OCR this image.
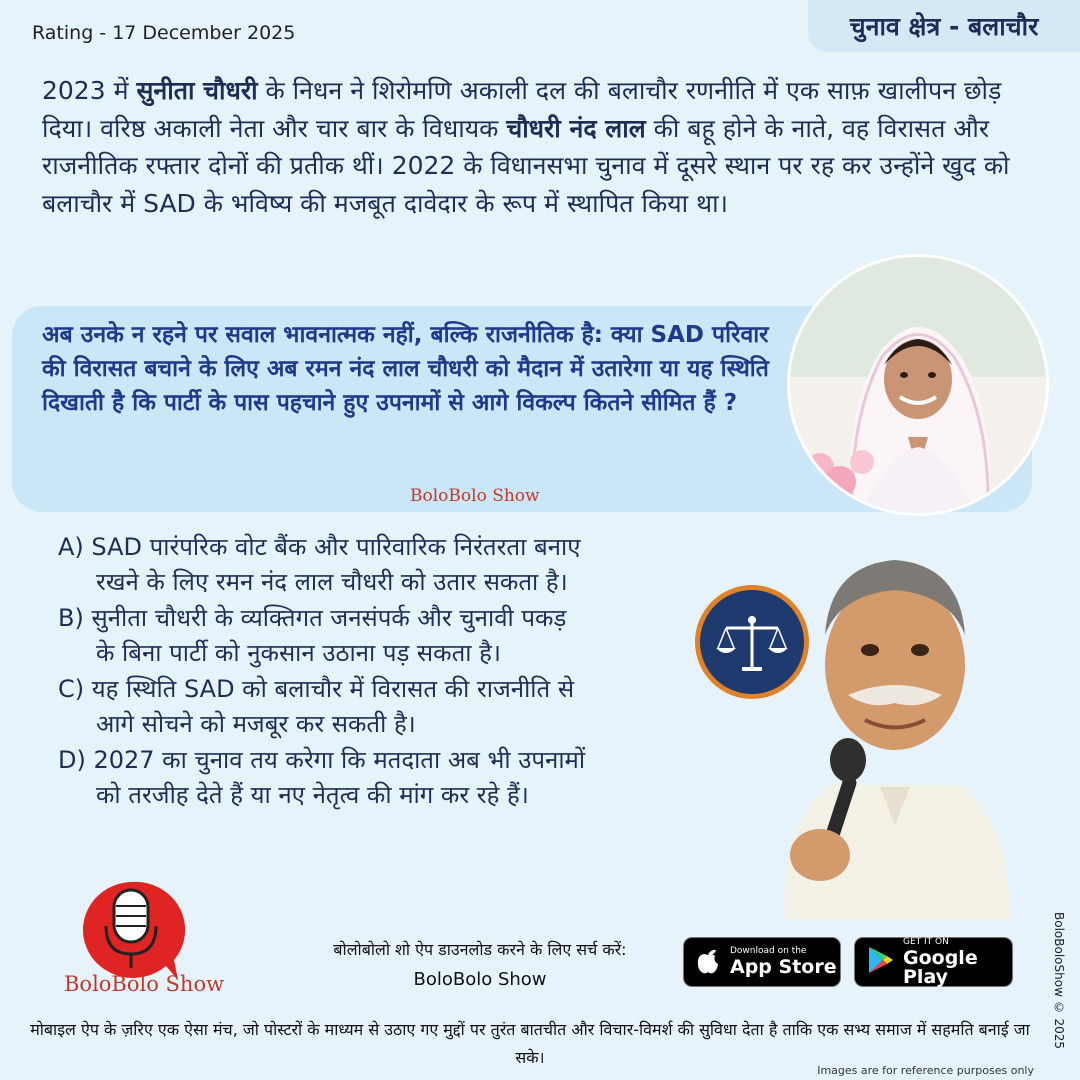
Rating - 17 December 2025	चुनाव क्षेत्र - बलाचौर
2023 में सुनीता चौधरी के निधन ने शिरोमणि अकाली दल की बलाचौर रणनीति में एक साफ़ खालीपन छोड़ दिया। वरिष्ठ अकाली नेता और चार बार के विधायक चौधरी नंद लाल की बहू होने के नाते, वह विरासत और राजनीतिक रफ्तार दोनों की प्रतीक थीं। 2022 के विधानसभा चुनाव में दूसरे स्थान पर रह कर उन्होंने खुद को बलाचौर में SAD के भविष्य की मजबूत दावेदार के रूप में स्थापित किया था।
अब उनके न रहने पर सवाल भावनात्मक नहीं, बल्कि राजनीतिक है: क्या SAD परिवार की विरासत बचाने के लिए अब रमन नंद लाल चौधरी को मैदान में उतारेगा या यह स्थिति दिखाती है कि पार्टी के पास पहचाने हुए उपनामों से आगे विकल्प कितने सीमित हैं ?
BoloBolo Show
A) SAD पारंपरिक वोट बैंक और पारिवारिक निरंतरता बनाए
रखने के लिए रमन नंद लाल चौधरी को उतार सकता है।
B) सुनीता चौधरी के व्यक्तिगत जनसंपर्क और चुनावी पकड़
के बिना पार्टी को नुकसान उठाना पड़ सकता है।
C) यह स्थिति SAD को बलाचौर में विरासत की राजनीति से
आगे सोचने को मजबूर कर सकती है।
D) 2027 का चुनाव तय करेगा कि मतदाता अब भी उपनामों
को तरजीह देते हैं या नए नेतृत्व की मांग कर रहे हैं।
BoloBolo Show
बोलोबोलो शो ऐप डाउनलोड करने के लिए सर्च करें:
BoloBolo Show
Download on the
App Store
GET IT ON
Google Play	BoloBoloShow © 2025
मोबाइल ऐप के ज़रिए एक ऐसा मंच, जो पोस्टरों के माध्यम से उठाए गए मुद्दों पर तुरंत बातचीत और विचार-विमर्श की सुविधा देता है ताकि एक सभ्य समाज में सहमति बनाई जा सके।
Images are for reference purposes only
